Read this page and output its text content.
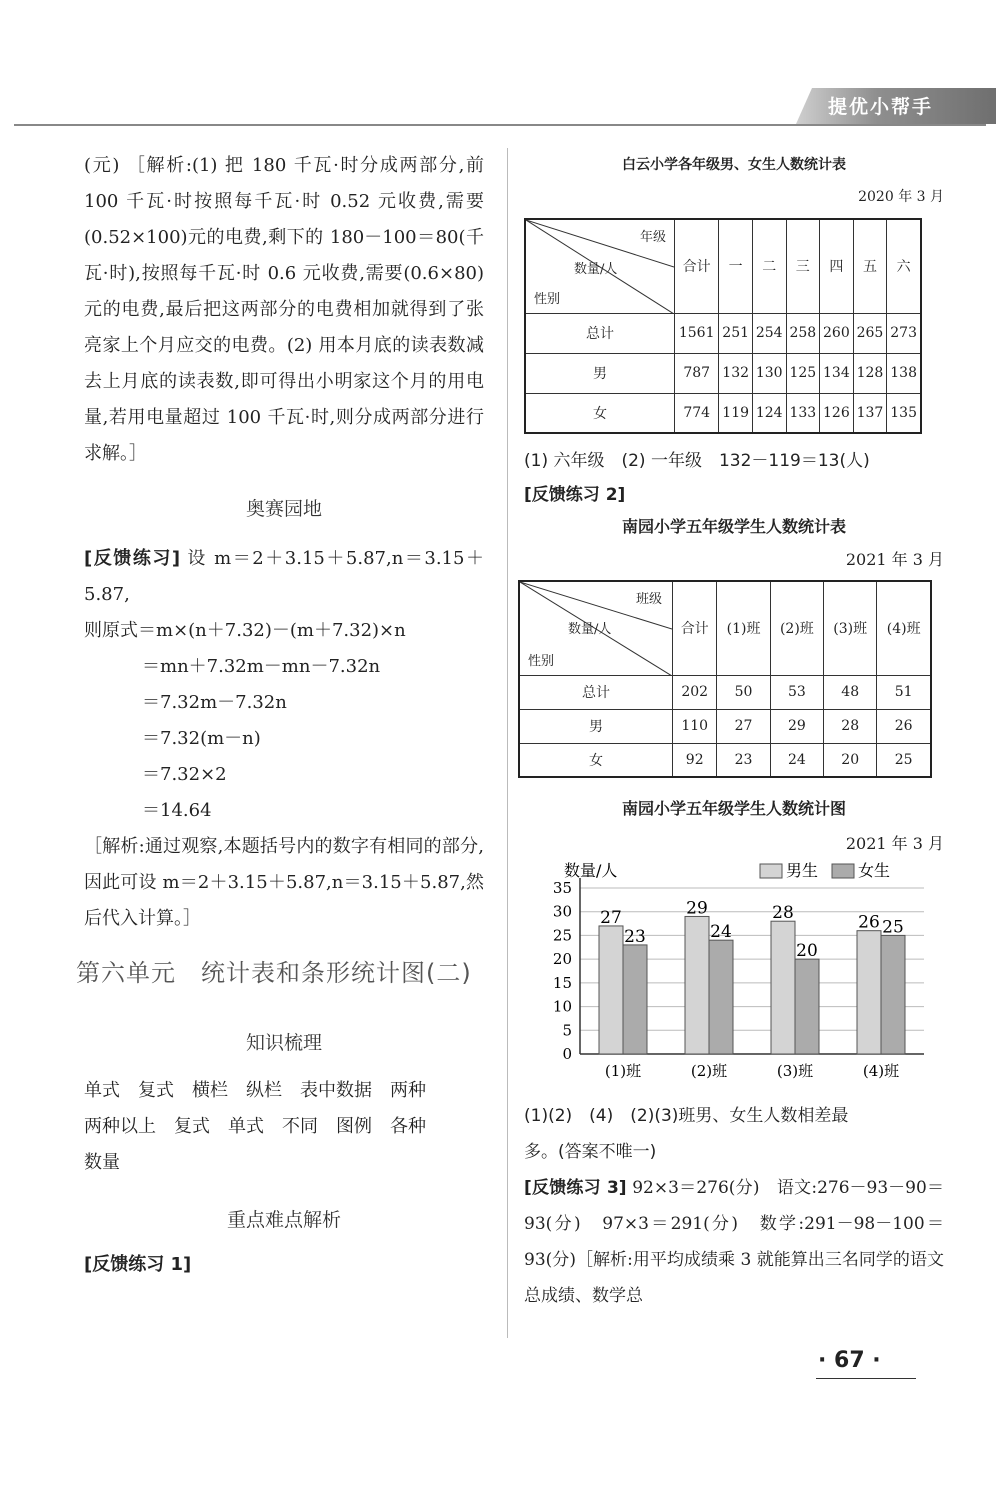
提优小帮手

(元) ［解析:(1) 把 180 千瓦·时分成两部分,前 100 千瓦·时按照每千瓦·时 0.52 元收费,需要(0.52×100)元的电费,剩下的 180－100＝80(千瓦·时),按照每千瓦·时 0.6 元收费,需要(0.6×80)元的电费,最后把这两部分的电费相加就得到了张亮家上个月应交的电费。(2) 用本月底的读表数减去上月底的读表数,即可得出小明家这个月的用电量,若用电量超过 100 千瓦·时,则分成两部分进行求解。］

奥赛园地

[反馈练习] 设 m＝2＋3.15＋5.87,n＝3.15＋5.87,

则原式＝m×(n＋7.32)－(m＋7.32)×n
＝mn＋7.32m－mn－7.32n
＝7.32m－7.32n
＝7.32(m－n)
＝7.32×2
＝14.64

［解析:通过观察,本题括号内的数字有相同的部分,因此可设 m＝2＋3.15＋5.87,n＝3.15＋5.87,然后代入计算。］

第六单元　统计表和条形统计图(二)

知识梳理

单式　复式　横栏　纵栏　表中数据　两种
两种以上　复式　单式　不同　图例　各种
数量

重点难点解析

[反馈练习 1]
白云小学各年级男、女生人数统计表
2020 年 3 月
年级
数量/人
性别	合计	一	二	三	四	五	六
总计	1561	251	254	258	260	265	273
男	787	132	130	125	134	128	138
女	774	119	124	133	126	137	135
(1) 六年级　(2) 一年级　132－119＝13(人)
[反馈练习 2]
南园小学五年级学生人数统计表
2021 年 3 月
班级
数量/人
性别	合计	(1)班	(2)班	(3)班	(4)班
总计	202	50	53	48	51
男	110	27	29	28	26
女	92	23	24	20	25
南园小学五年级学生人数统计图
2021 年 3 月
数量/人	男生 女生
0
5
10
15
20
25
30
35
27
23
(1)班
29
24
(2)班
28
20
(3)班
26 25
(4)班
(1)(2)　(4)　(2)(3)班男、女生人数相差最
多。(答案不唯一)

[反馈练习 3] 92×3＝276(分)　语文:276－93－90＝93(分)　97×3＝291(分)　数学:291－98－100＝93(分)［解析:用平均成绩乘 3 就能算出三名同学的语文总成绩、数学总

· 67 ·
